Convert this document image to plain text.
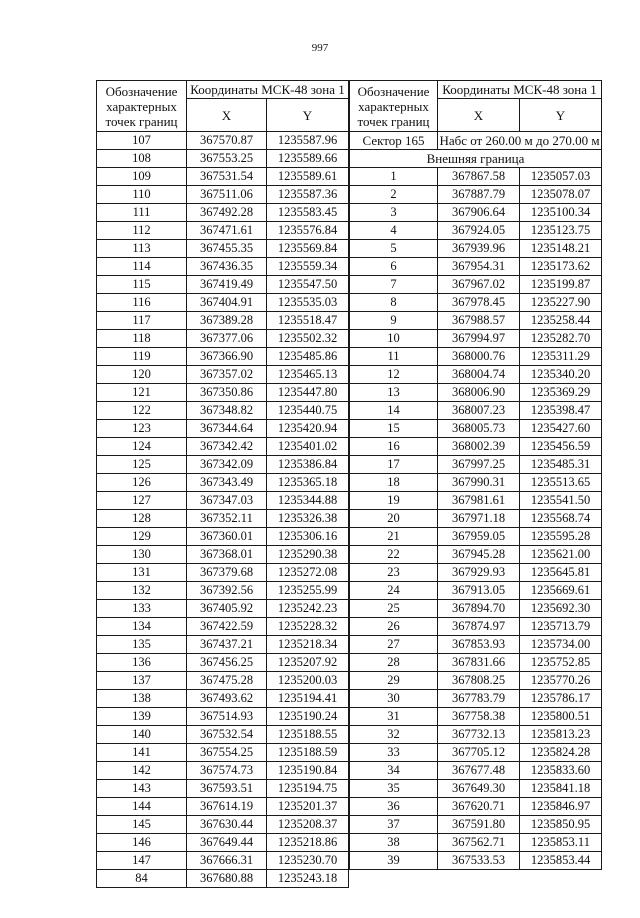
997
Обозначение характерных точек границ	Координаты МСК-48 зона 1	
	X	Y
107	367570.87	1235587.96
108	367553.25	1235589.66
109	367531.54	1235589.61
110	367511.06	1235587.36
111	367492.28	1235583.45
112	367471.61	1235576.84
113	367455.35	1235569.84
114	367436.35	1235559.34
115	367419.49	1235547.50
116	367404.91	1235535.03
117	367389.28	1235518.47
118	367377.06	1235502.32
119	367366.90	1235485.86
120	367357.02	1235465.13
121	367350.86	1235447.80
122	367348.82	1235440.75
123	367344.64	1235420.94
124	367342.42	1235401.02
125	367342.09	1235386.84
126	367343.49	1235365.18
127	367347.03	1235344.88
128	367352.11	1235326.38
129	367360.01	1235306.16
130	367368.01	1235290.38
131	367379.68	1235272.08
132	367392.56	1235255.99
133	367405.92	1235242.23
134	367422.59	1235228.32
135	367437.21	1235218.34
136	367456.25	1235207.92
137	367475.28	1235200.03
138	367493.62	1235194.41
139	367514.93	1235190.24
140	367532.54	1235188.55
141	367554.25	1235188.59
142	367574.73	1235190.84
143	367593.51	1235194.75
144	367614.19	1235201.37
145	367630.44	1235208.37
146	367649.44	1235218.86
147	367666.31	1235230.70
84	367680.88	1235243.18
Обозначение характерных точек границ	Координаты МСК-48 зона 1	
	X	Y
Сектор 165	Набс от 260.00 м до 270.00 м	

Внешняя граница		
1	367867.58	1235057.03
2	367887.79	1235078.07
3	367906.64	1235100.34
4	367924.05	1235123.75
5	367939.96	1235148.21
6	367954.31	1235173.62
7	367967.02	1235199.87
8	367978.45	1235227.90
9	367988.57	1235258.44
10	367994.97	1235282.70
11	368000.76	1235311.29
12	368004.74	1235340.20
13	368006.90	1235369.29
14	368007.23	1235398.47
15	368005.73	1235427.60
16	368002.39	1235456.59
17	367997.25	1235485.31
18	367990.31	1235513.65
19	367981.61	1235541.50
20	367971.18	1235568.74
21	367959.05	1235595.28
22	367945.28	1235621.00
23	367929.93	1235645.81
24	367913.05	1235669.61
25	367894.70	1235692.30
26	367874.97	1235713.79
27	367853.93	1235734.00
28	367831.66	1235752.85
29	367808.25	1235770.26
30	367783.79	1235786.17
31	367758.38	1235800.51
32	367732.13	1235813.23
33	367705.12	1235824.28
34	367677.48	1235833.60
35	367649.30	1235841.18
36	367620.71	1235846.97
37	367591.80	1235850.95
38	367562.71	1235853.11
39	367533.53	1235853.44
